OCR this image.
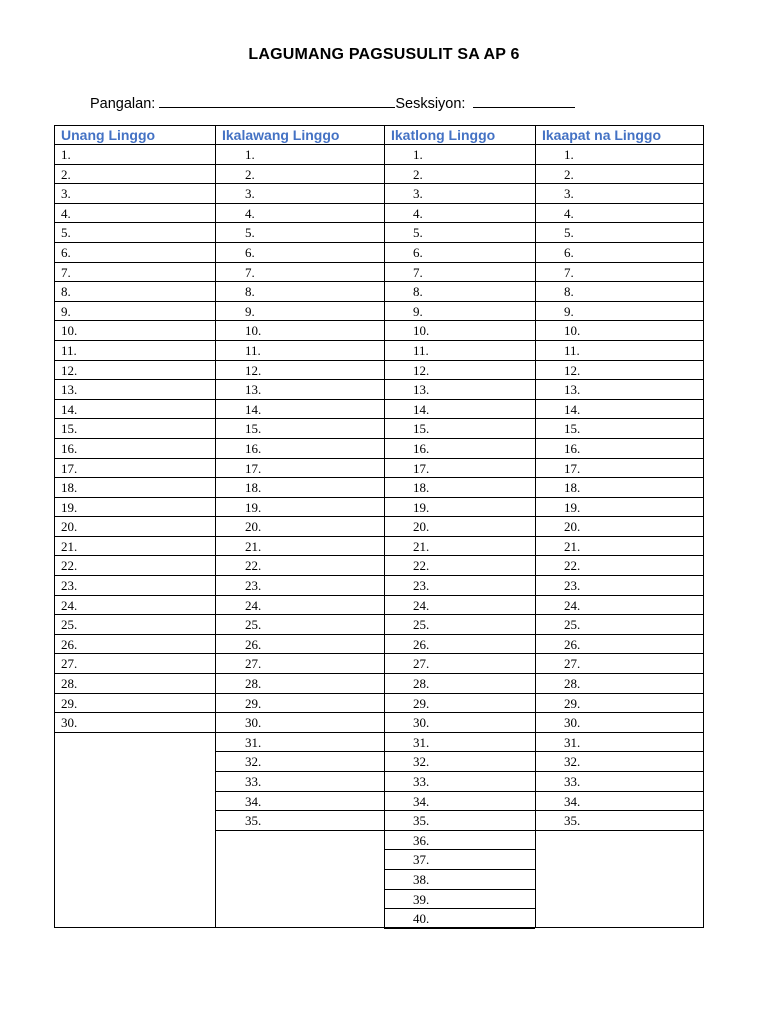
LAGUMANG PAGSUSULIT SA AP 6
Pangalan:	Sesksiyon:
Unang Linggo
1.
2.
3.
4.
5.
6.
7.
8.
9.
10.
11.
12.
13.
14.
15.
16.
17.
18.
19.
20.
21.
22.
23.
24.
25.
26.
27.
28.
29.
30.
Ikalawang Linggo
1.
2.
3.
4.
5.
6.
7.
8.
9.
10.
11.
12.
13.
14.
15.
16.
17.
18.
19.
20.
21.
22.
23.
24.
25.
26.
27.
28.
29.
30.
31.
32.
33.
34.
35.
Ikatlong Linggo
1.
2.
3.
4.
5.
6.
7.
8.
9.
10.
11.
12.
13.
14.
15.
16.
17.
18.
19.
20.
21.
22.
23.
24.
25.
26.
27.
28.
29.
30.
31.
32.
33.
34.
35.
36.
37.
38.
39.
40.
Ikaapat na Linggo
1.
2.
3.
4.
5.
6.
7.
8.
9.
10.
11.
12.
13.
14.
15.
16.
17.
18.
19.
20.
21.
22.
23.
24.
25.
26.
27.
28.
29.
30.
31.
32.
33.
34.
35.
